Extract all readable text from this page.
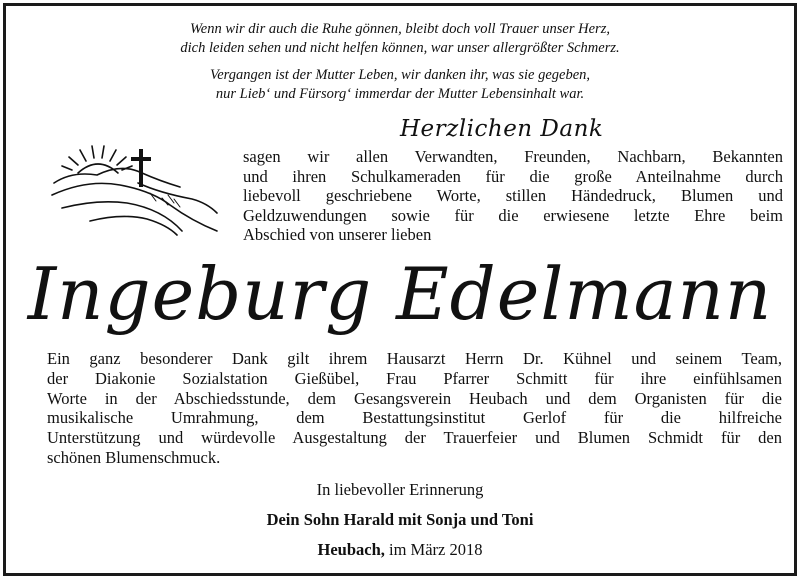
Wenn wir dir auch die Ruhe gönnen, bleibt doch voll Trauer unser Herz,

dich leiden sehen und nicht helfen können, war unser allergrößter Schmerz.

Vergangen ist der Mutter Leben, wir danken ihr, was sie gegeben,

nur Lieb‘ und Fürsorg‘ immerdar der Mutter Lebensinhalt war.

Herzlichen Dank

sagen wir allen Verwandten, Freunden, Nachbarn, Bekannten

und ihren Schulkameraden für die große Anteilnahme durch

liebevoll geschriebene Worte, stillen Händedruck, Blumen und

Geldzuwendungen sowie für die erwiesene letzte Ehre beim

Abschied von unserer lieben

Ingeburg Edelmann

Ein ganz besonderer Dank gilt ihrem Hausarzt Herrn Dr. Kühnel und seinem Team,

der Diakonie Sozialstation Gießübel, Frau Pfarrer Schmitt für ihre einfühlsamen

Worte in der Abschiedsstunde, dem Gesangsverein Heubach und dem Organisten für die

musikalische Umrahmung, dem Bestattungsinstitut Gerlof für die hilfreiche

Unterstützung und würdevolle Ausgestaltung der Trauerfeier und Blumen Schmidt für den

schönen Blumenschmuck.

In liebevoller Erinnerung
Dein Sohn Harald mit Sonja und Toni
Heubach, im März 2018
